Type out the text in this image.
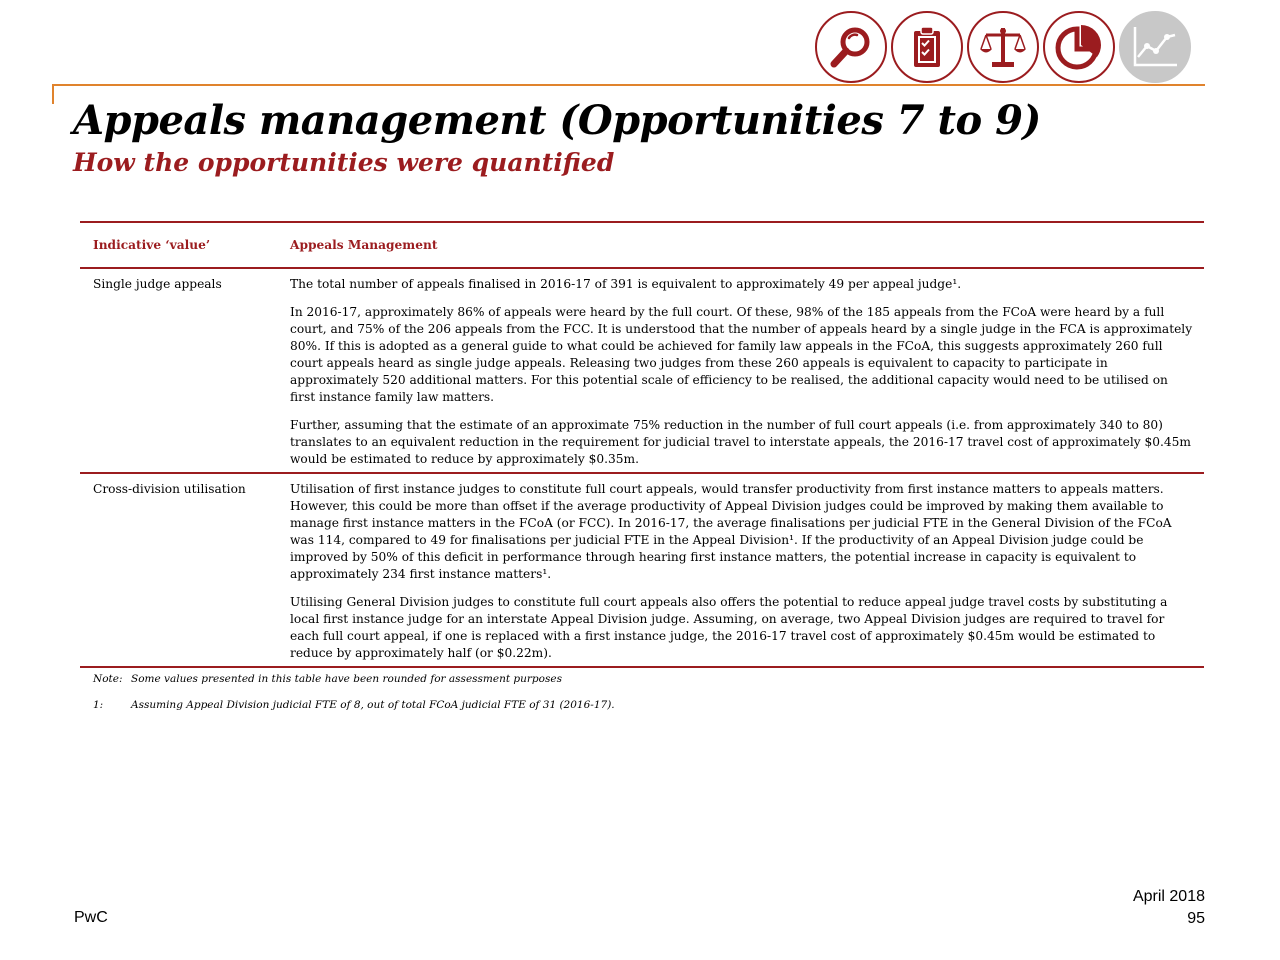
Appeals management (Opportunities 7 to 9)
How the opportunities were quantified
Indicative ‘value’	Appeals Management
Single judge appeals	The total number of appeals finalised in 2016-17 of 391 is equivalent to approximately 49 per appeal judge¹.

In 2016-17, approximately 86% of appeals were heard by the full court. Of these, 98% of the 185 appeals from the FCoA were heard by a full court, and 75% of the 206 appeals from the FCC. It is understood that the number of appeals heard by a single judge in the FCA is approximately 80%. If this is adopted as a general guide to what could be achieved for family law appeals in the FCoA, this suggests approximately 260 full court appeals heard as single judge appeals. Releasing two judges from these 260 appeals is equivalent to capacity to participate in approximately 520 additional matters. For this potential scale of efficiency to be realised, the additional capacity would need to be utilised on first instance family law matters.

Further, assuming that the estimate of an approximate 75% reduction in the number of full court appeals (i.e. from approximately 340 to 80) translates to an equivalent reduction in the requirement for judicial travel to interstate appeals, the 2016-17 travel cost of approximately $0.45m would be estimated to reduce by approximately $0.35m.

Cross-division utilisation	Utilisation of first instance judges to constitute full court appeals, would transfer productivity from first instance matters to appeals matters. However, this could be more than offset if the average productivity of Appeal Division judges could be improved by making them available to manage first instance matters in the FCoA (or FCC). In 2016-17, the average finalisations per judicial FTE in the General Division of the FCoA was 114, compared to 49 for finalisations per judicial FTE in the Appeal Division¹. If the productivity of an Appeal Division judge could be improved by 50% of this deficit in performance through hearing first instance matters, the potential increase in capacity is equivalent to approximately 234 first instance matters¹.

Utilising General Division judges to constitute full court appeals also offers the potential to reduce appeal judge travel costs by substituting a local first instance judge for an interstate Appeal Division judge. Assuming, on average, two Appeal Division judges are required to travel for each full court appeal, if one is replaced with a first instance judge, the 2016-17 travel cost of approximately $0.45m would be estimated to reduce by approximately half (or $0.22m).

Note: Some values presented in this table have been rounded for assessment purposes
1:	Assuming Appeal Division judicial FTE of 8, out of total FCoA judicial FTE of 31 (2016-17).
PwC
April 2018
95
